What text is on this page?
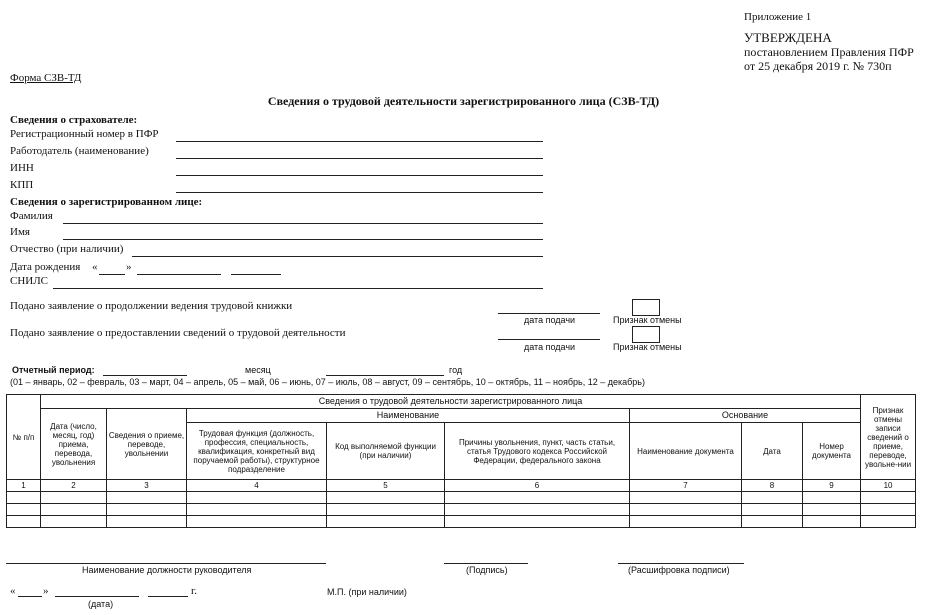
Приложение 1
УТВЕРЖДЕНА
постановлением Правления ПФР
от 25 декабря 2019 г. № 730п
Форма СЗВ-ТД
Сведения о трудовой деятельности зарегистрированного лица (СЗВ-ТД)
Сведения о страхователе:
Регистрационный номер в ПФР
Работодатель (наименование)
ИНН
КПП
Сведения о зарегистрированном лице:
Фамилия
Имя
Отчество (при наличии)
Дата рождения «	»
СНИЛС
Подано заявление о продолжении ведения трудовой книжки
дата подачи	Признак отмены
Подано заявление о предоставлении сведений о трудовой деятельности
дата подачи	Признак отмены
Отчетный период:	месяц	год
(01 – январь, 02 – февраль, 03 – март, 04 – апрель, 05 – май, 06 – июнь, 07 – июль, 08 – август, 09 – сентябрь, 10 – октябрь, 11 – ноябрь, 12 – декабрь)
№ п/п	Сведения о трудовой деятельности зарегистрированного лица								Признак отмены записи сведений о приеме, переводе, увольне-нии
	Дата (число, месяц, год) приема, перевода, увольнения	Сведения о приеме, переводе, увольнении	Наименование			Основание			
			Трудовая функция (должность, профессия, специальность, квалификация, конкретный вид поручаемой работы), структурное подразделение	Код выполняемой функции (при наличии)	Причины увольнения, пункт, часть статьи, статья Трудового кодекса Российской Федерации, федерального закона	Наименование документа	Дата	Номер документа	
1	2	3	4	5	6	7	8	9	10

Наименование должности руководителя	(Подпись)	(Расшифровка подписи)
«	»	г.
(дата)
М.П. (при наличии)
